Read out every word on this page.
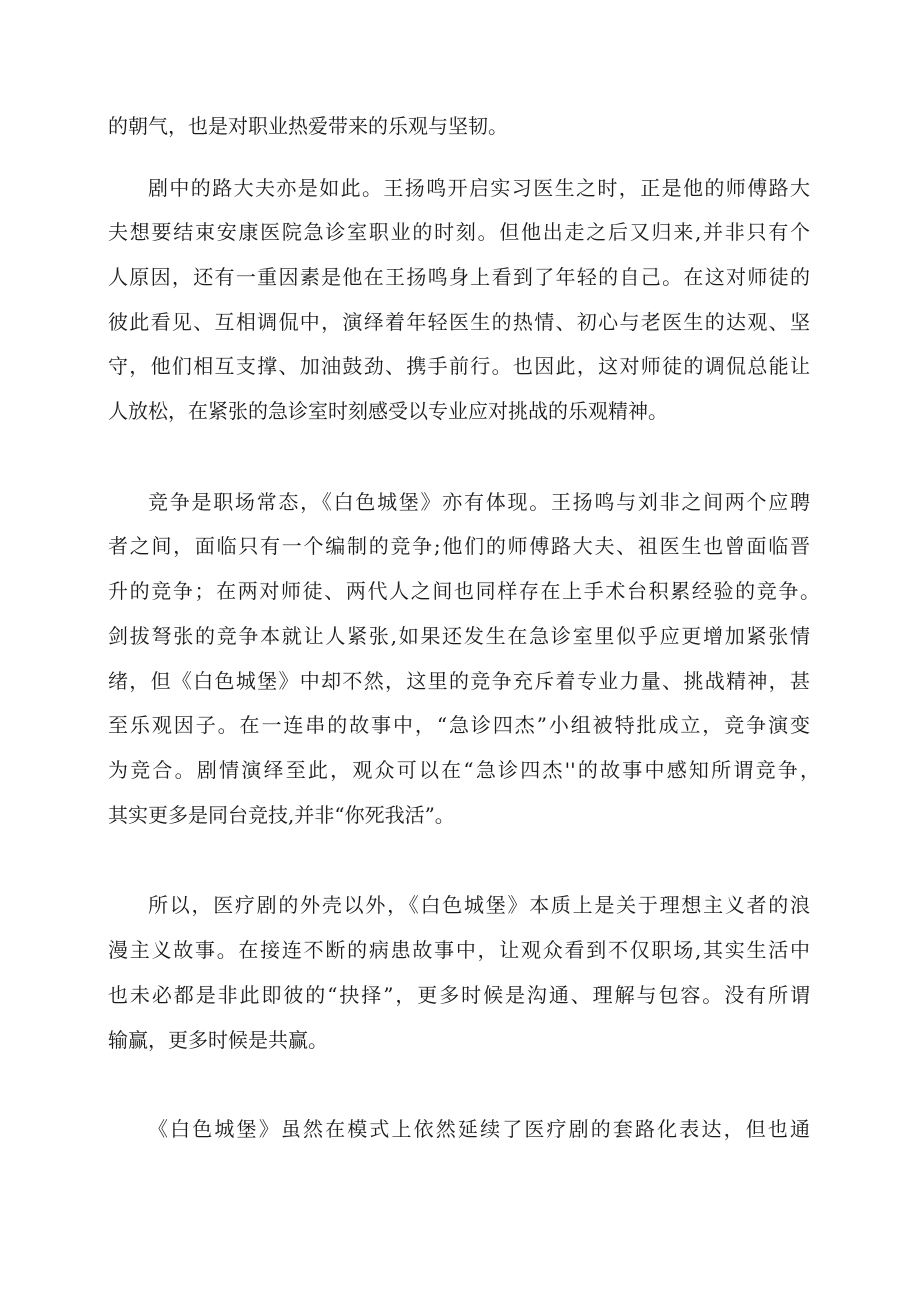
的朝气，也是对职业热爱带来的乐观与坚韧。
剧中的路大夫亦是如此。王扬鸣开启实习医生之时，正是他的师傅路大
夫想要结束安康医院急诊室职业的时刻。但他出走之后又归来,并非只有个
人原因，还有一重因素是他在王扬鸣身上看到了年轻的自己。在这对师徒的
彼此看见、互相调侃中，演绎着年轻医生的热情、初心与老医生的达观、坚
守，他们相互支撑、加油鼓劲、携手前行。也因此，这对师徒的调侃总能让
人放松，在紧张的急诊室时刻感受以专业应对挑战的乐观精神。
竞争是职场常态，《白色城堡》亦有体现。王扬鸣与刘非之间两个应聘
者之间，面临只有一个编制的竞争;他们的师傅路大夫、祖医生也曾面临晋
升的竞争；在两对师徒、两代人之间也同样存在上手术台积累经验的竞争。
剑拔弩张的竞争本就让人紧张,如果还发生在急诊室里似乎应更增加紧张情
绪，但《白色城堡》中却不然，这里的竞争充斥着专业力量、挑战精神，甚
至乐观因子。在一连串的故事中，“急诊四杰”小组被特批成立，竞争演变
为竞合。剧情演绎至此，观众可以在“急诊四杰''的故事中感知所谓竞争，
其实更多是同台竞技,并非“你死我活”。
所以，医疗剧的外壳以外，《白色城堡》本质上是关于理想主义者的浪
漫主义故事。在接连不断的病患故事中，让观众看到不仅职场,其实生活中
也未必都是非此即彼的“抉择”，更多时候是沟通、理解与包容。没有所谓
输赢，更多时候是共赢。
《白色城堡》虽然在模式上依然延续了医疗剧的套路化表达，但也通
